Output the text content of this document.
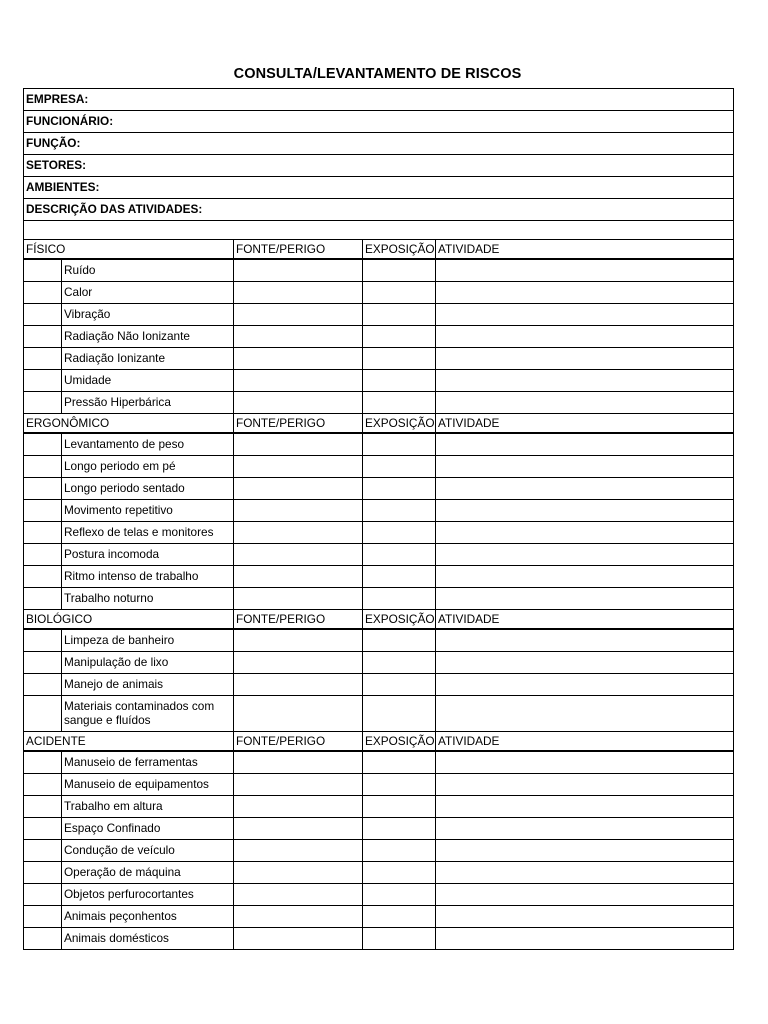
CONSULTA/LEVANTAMENTO DE RISCOS
EMPRESA:				
FUNCIONÁRIO:				
FUNÇÃO:				
SETORES:				
AMBIENTES:				
DESCRIÇÃO DAS ATIVIDADES:				

FÍSICO		FONTE/PERIGO	EXPOSIÇÃO	ATIVIDADE
	Ruído			
	Calor			
	Vibração			
	Radiação Não Ionizante			
	Radiação Ionizante			
	Umidade			
	Pressão Hiperbárica			
ERGONÔMICO		FONTE/PERIGO	EXPOSIÇÃO	ATIVIDADE
	Levantamento de peso			
	Longo periodo em pé			
	Longo periodo sentado			
	Movimento repetitivo			
	Reflexo de telas e monitores			
	Postura incomoda			
	Ritmo intenso de trabalho			
	Trabalho noturno			
BIOLÓGICO		FONTE/PERIGO	EXPOSIÇÃO	ATIVIDADE
	Limpeza de banheiro			
	Manipulação de lixo			
	Manejo de animais			
	Materiais contaminados com sangue e fluídos			
ACIDENTE		FONTE/PERIGO	EXPOSIÇÃO	ATIVIDADE
	Manuseio de ferramentas			
	Manuseio de equipamentos			
	Trabalho em altura			
	Espaço Confinado			
	Condução de veículo			
	Operação de máquina			
	Objetos perfurocortantes			
	Animais peçonhentos			
	Animais domésticos			
